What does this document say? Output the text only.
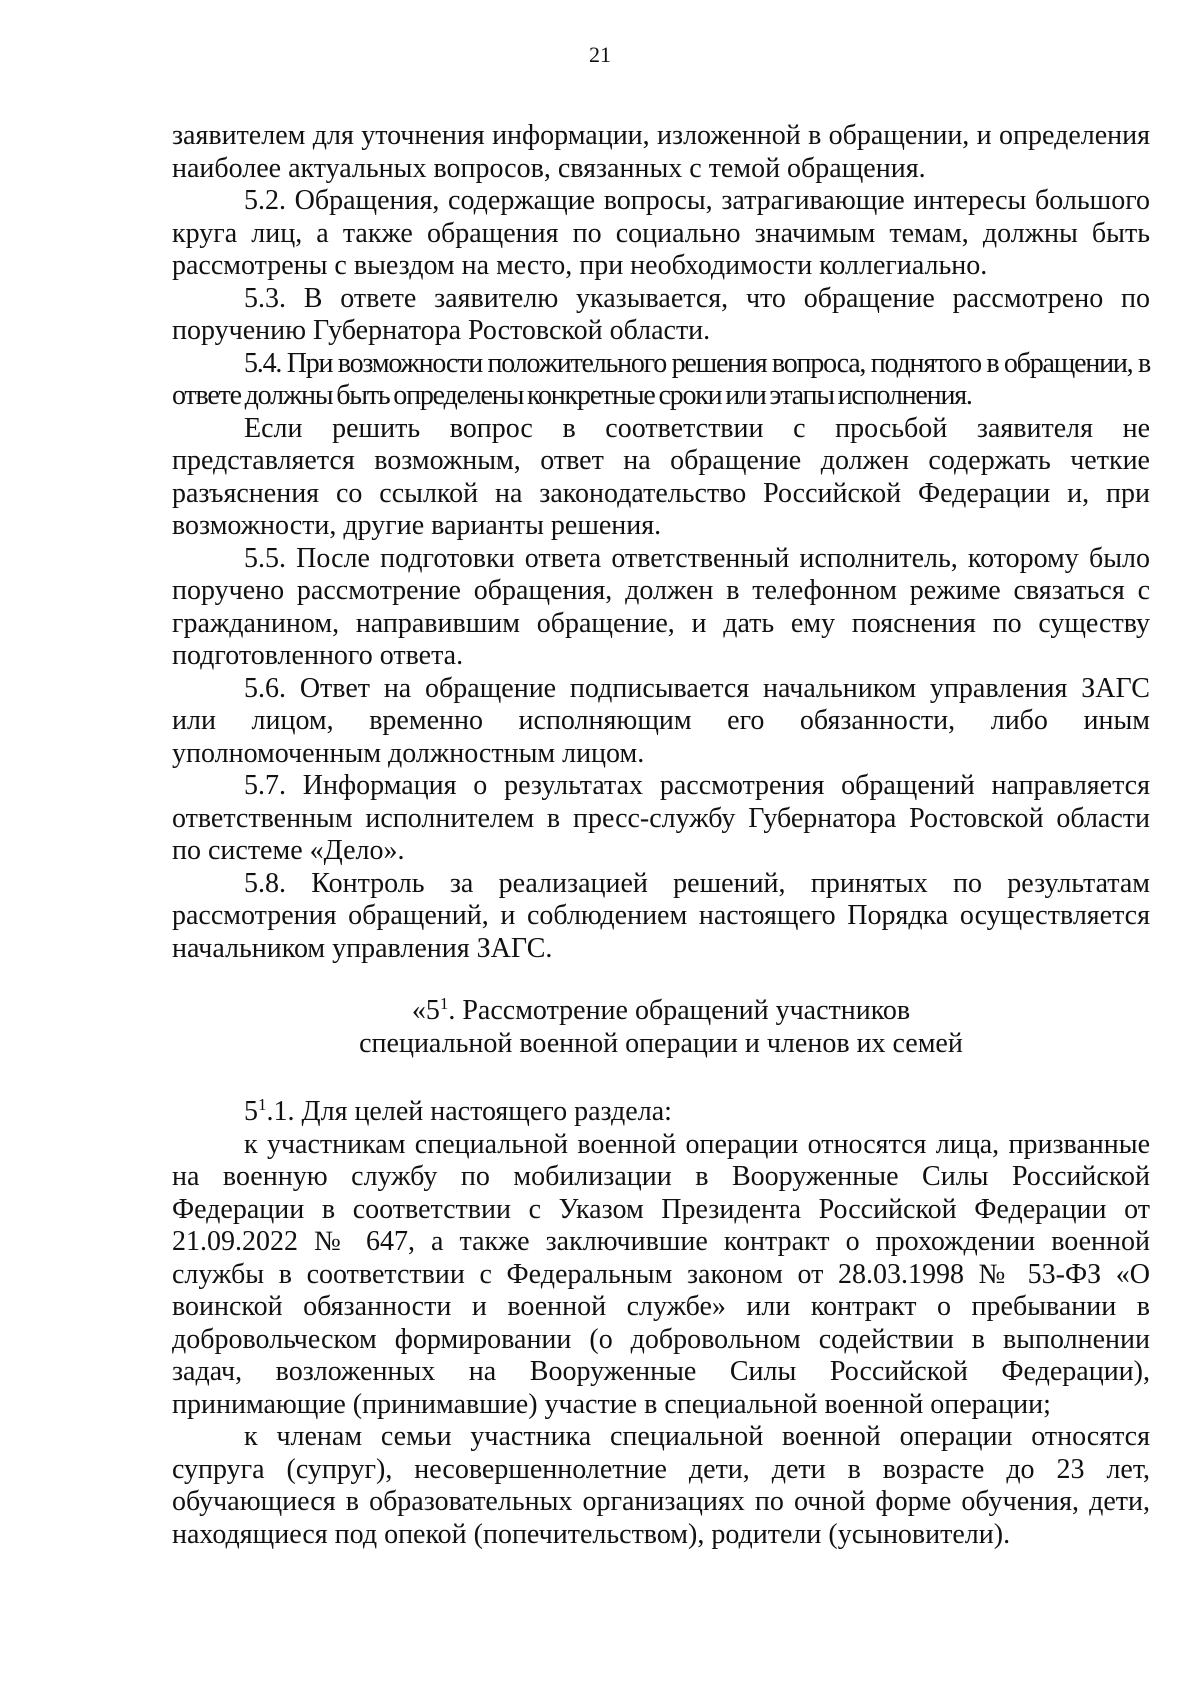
21

заявителем для уточнения информации, изложенной в обращении, и определения наиболее актуальных вопросов, связанных с темой обращения.

5.2. Обращения, содержащие вопросы, затрагивающие интересы большого круга лиц, а также обращения по социально значимым темам, должны быть рассмотрены с выездом на место, при необходимости коллегиально.

5.3. В ответе заявителю указывается, что обращение рассмотрено по поручению Губернатора Ростовской области.

5.4. При возможности положительного решения вопроса, поднятого в обращении, в ответе должны быть определены конкретные сроки или этапы исполнения.

Если решить вопрос в соответствии с просьбой заявителя не представляется возможным, ответ на обращение должен содержать четкие разъяснения со ссылкой на законодательство Российской Федерации и, при возможности, другие варианты решения.

5.5. После подготовки ответа ответственный исполнитель, которому было поручено рассмотрение обращения, должен в телефонном режиме связаться с гражданином, направившим обращение, и дать ему пояснения по существу подготовленного ответа.

5.6. Ответ на обращение подписывается начальником управления ЗАГС или лицом, временно исполняющим его обязанности, либо иным уполномоченным должностным лицом.

5.7. Информация о результатах рассмотрения обращений направляется ответственным исполнителем в пресс-службу Губернатора Ростовской области по системе «Дело».

5.8. Контроль за реализацией решений, принятых по результатам рассмотрения обращений, и соблюдением настоящего Порядка осуществляется начальником управления ЗАГС.

«$5^1$. Рассмотрение обращений участников
специальной военной операции и членов их семей

$5^1.1$. Для целей настоящего раздела:

к участникам специальной военной операции относятся лица, призванные на военную службу по мобилизации в Вооруженные Силы Российской Федерации в соответствии с Указом Президента Российской Федерации от 21.09.2022 № 647, а также заключившие контракт о прохождении военной службы в соответствии с Федеральным законом от 28.03.1998 № 53-ФЗ «О воинской обязанности и военной службе» или контракт о пребывании в добровольческом формировании (о добровольном содействии в выполнении задач, возложенных на Вооруженные Силы Российской Федерации), принимающие (принимавшие) участие в специальной военной операции;

к членам семьи участника специальной военной операции относятся супруга (супруг), несовершеннолетние дети, дети в возрасте до 23 лет, обучающиеся в образовательных организациях по очной форме обучения, дети, находящиеся под опекой (попечительством), родители (усыновители).
